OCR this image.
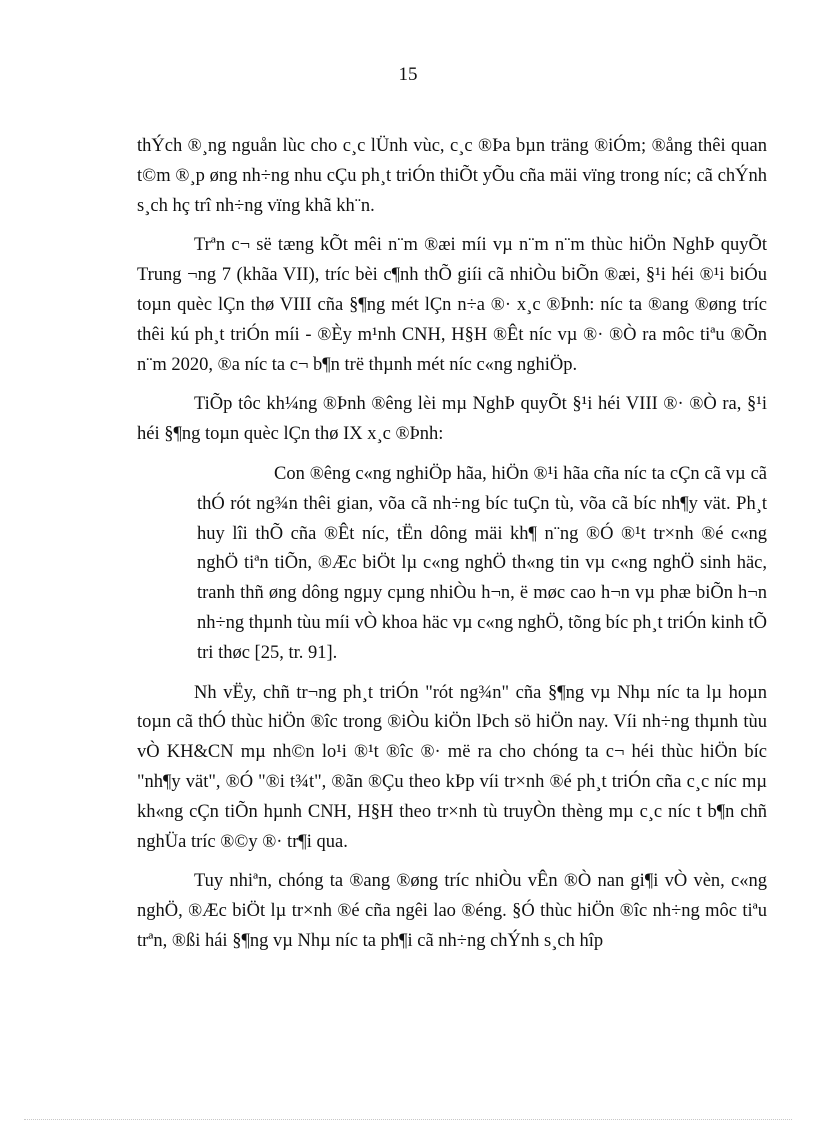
15

thÝch ®¸ng nguån lùc cho c¸c lÜnh vùc, c¸c ®Þa bµn träng ®iÓm; ®ång thêi quan t©m ®¸p øng nh÷ng nhu cÇu ph¸t triÓn thiÕt yÕu cña mäi vïng trong níc; cã chÝnh s¸ch hç trî nh÷ng vïng khã kh¨n.

Trªn c¬ së tæng kÕt mêi n¨m ®æi míi vµ n¨m n¨m thùc hiÖn NghÞ quyÕt Trung ¬ng 7 (khãa VII), tríc bèi c¶nh thÕ giíi cã nhiÒu biÕn ®æi, §¹i héi ®¹i biÓu toµn quèc lÇn thø VIII cña §¶ng mét lÇn n÷a ®· x¸c ®Þnh: níc ta ®ang ®øng tríc thêi kú ph¸t triÓn míi - ®Èy m¹nh CNH, H§H ®Êt níc vµ ®· ®Ò ra môc tiªu ®Õn n¨m 2020, ®a níc ta c¬ b¶n trë thµnh mét níc c«ng nghiÖp.

TiÕp tôc kh¼ng ®Þnh ®êng lèi mµ NghÞ quyÕt §¹i héi VIII ®· ®Ò ra, §¹i héi §¶ng toµn quèc lÇn thø IX x¸c ®Þnh:

Con ®êng c«ng nghiÖp hãa, hiÖn ®¹i hãa cña níc ta cÇn cã vµ cã thÓ rót ng¾n thêi gian, võa cã nh÷ng bíc tuÇn tù, võa cã bíc nh¶y vät. Ph¸t huy lîi thÕ cña ®Êt níc, tËn dông mäi kh¶ n¨ng ®Ó ®¹t tr×nh ®é c«ng nghÖ tiªn tiÕn, ®Æc biÖt lµ c«ng nghÖ th«ng tin vµ c«ng nghÖ sinh häc, tranh thñ øng dông ngµy cµng nhiÒu h¬n, ë møc cao h¬n vµ phæ biÕn h¬n nh÷ng thµnh tùu míi vÒ khoa häc vµ c«ng nghÖ, tõng bíc ph¸t triÓn kinh tÕ tri thøc [25, tr. 91].

Nh vËy, chñ tr¬ng ph¸t triÓn "rót ng¾n" cña §¶ng vµ Nhµ níc ta lµ hoµn toµn cã thÓ thùc hiÖn ®îc trong ®iÒu kiÖn lÞch sö hiÖn nay. Víi nh÷ng thµnh tùu vÒ KH&CN mµ nh©n lo¹i ®¹t ®îc ®· më ra cho chóng ta c¬ héi thùc hiÖn bíc "nh¶y vät", ®Ó "®i t¾t", ®ãn ®Çu theo kÞp víi tr×nh ®é ph¸t triÓn cña c¸c níc mµ kh«ng cÇn tiÕn hµnh CNH, H§H theo tr×nh tù truyÒn thèng mµ c¸c níc t b¶n chñ nghÜa tríc ®©y ®· tr¶i qua.

Tuy nhiªn, chóng ta ®ang ®øng tríc nhiÒu vÊn ®Ò nan gi¶i vÒ vèn, c«ng nghÖ, ®Æc biÖt lµ tr×nh ®é cña ngêi lao ®éng. §Ó thùc hiÖn ®îc nh÷ng môc tiªu trªn, ®ßi hái §¶ng vµ Nhµ níc ta ph¶i cã nh÷ng chÝnh s¸ch hîp
